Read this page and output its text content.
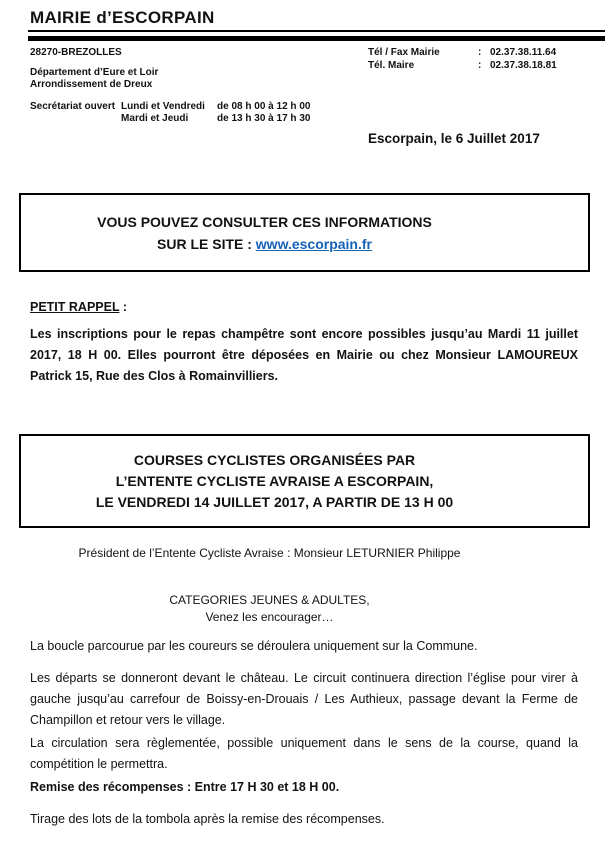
MAIRIE d’ESCORPAIN
28270-BREZOLLES
Département d’Eure et Loir
Arrondissement de Dreux
Secrétariat ouvert Lundi et Vendredi	de 08 h 00 à 12 h 00
Mardi et Jeudi	de 13 h 30 à 17 h 30
Tél / Fax Mairie	: 02.37.38.11.64
Tél. Maire	: 02.37.38.18.81
Escorpain, le 6 Juillet 2017
VOUS POUVEZ CONSULTER CES INFORMATIONS
SUR LE SITE : www.escorpain.fr
PETIT RAPPEL :
Les inscriptions pour le repas champêtre sont encore possibles jusqu’au Mardi 11 juillet 2017, 18 H 00. Elles pourront être déposées en Mairie ou chez Monsieur LAMOUREUX Patrick 15, Rue des Clos à Romainvilliers.
COURSES CYCLISTES ORGANISÉES PAR
L’ENTENTE CYCLISTE AVRAISE A ESCORPAIN,
LE VENDREDI 14 JUILLET 2017, A PARTIR DE 13 H 00
Président de l’Entente Cycliste Avraise : Monsieur LETURNIER Philippe
CATEGORIES JEUNES & ADULTES,
Venez les encourager…
La boucle parcourue par les coureurs se déroulera uniquement sur la Commune.
Les départs se donneront devant le château. Le circuit continuera direction l’église pour virer à gauche jusqu’au carrefour de Boissy-en-Drouais / Les Authieux, passage devant la Ferme de Champillon et retour vers le village.
La circulation sera règlementée, possible uniquement dans le sens de la course, quand la compétition le permettra.
Remise des récompenses : Entre 17 H 30 et 18 H 00.
Tirage des lots de la tombola après la remise des récompenses.
